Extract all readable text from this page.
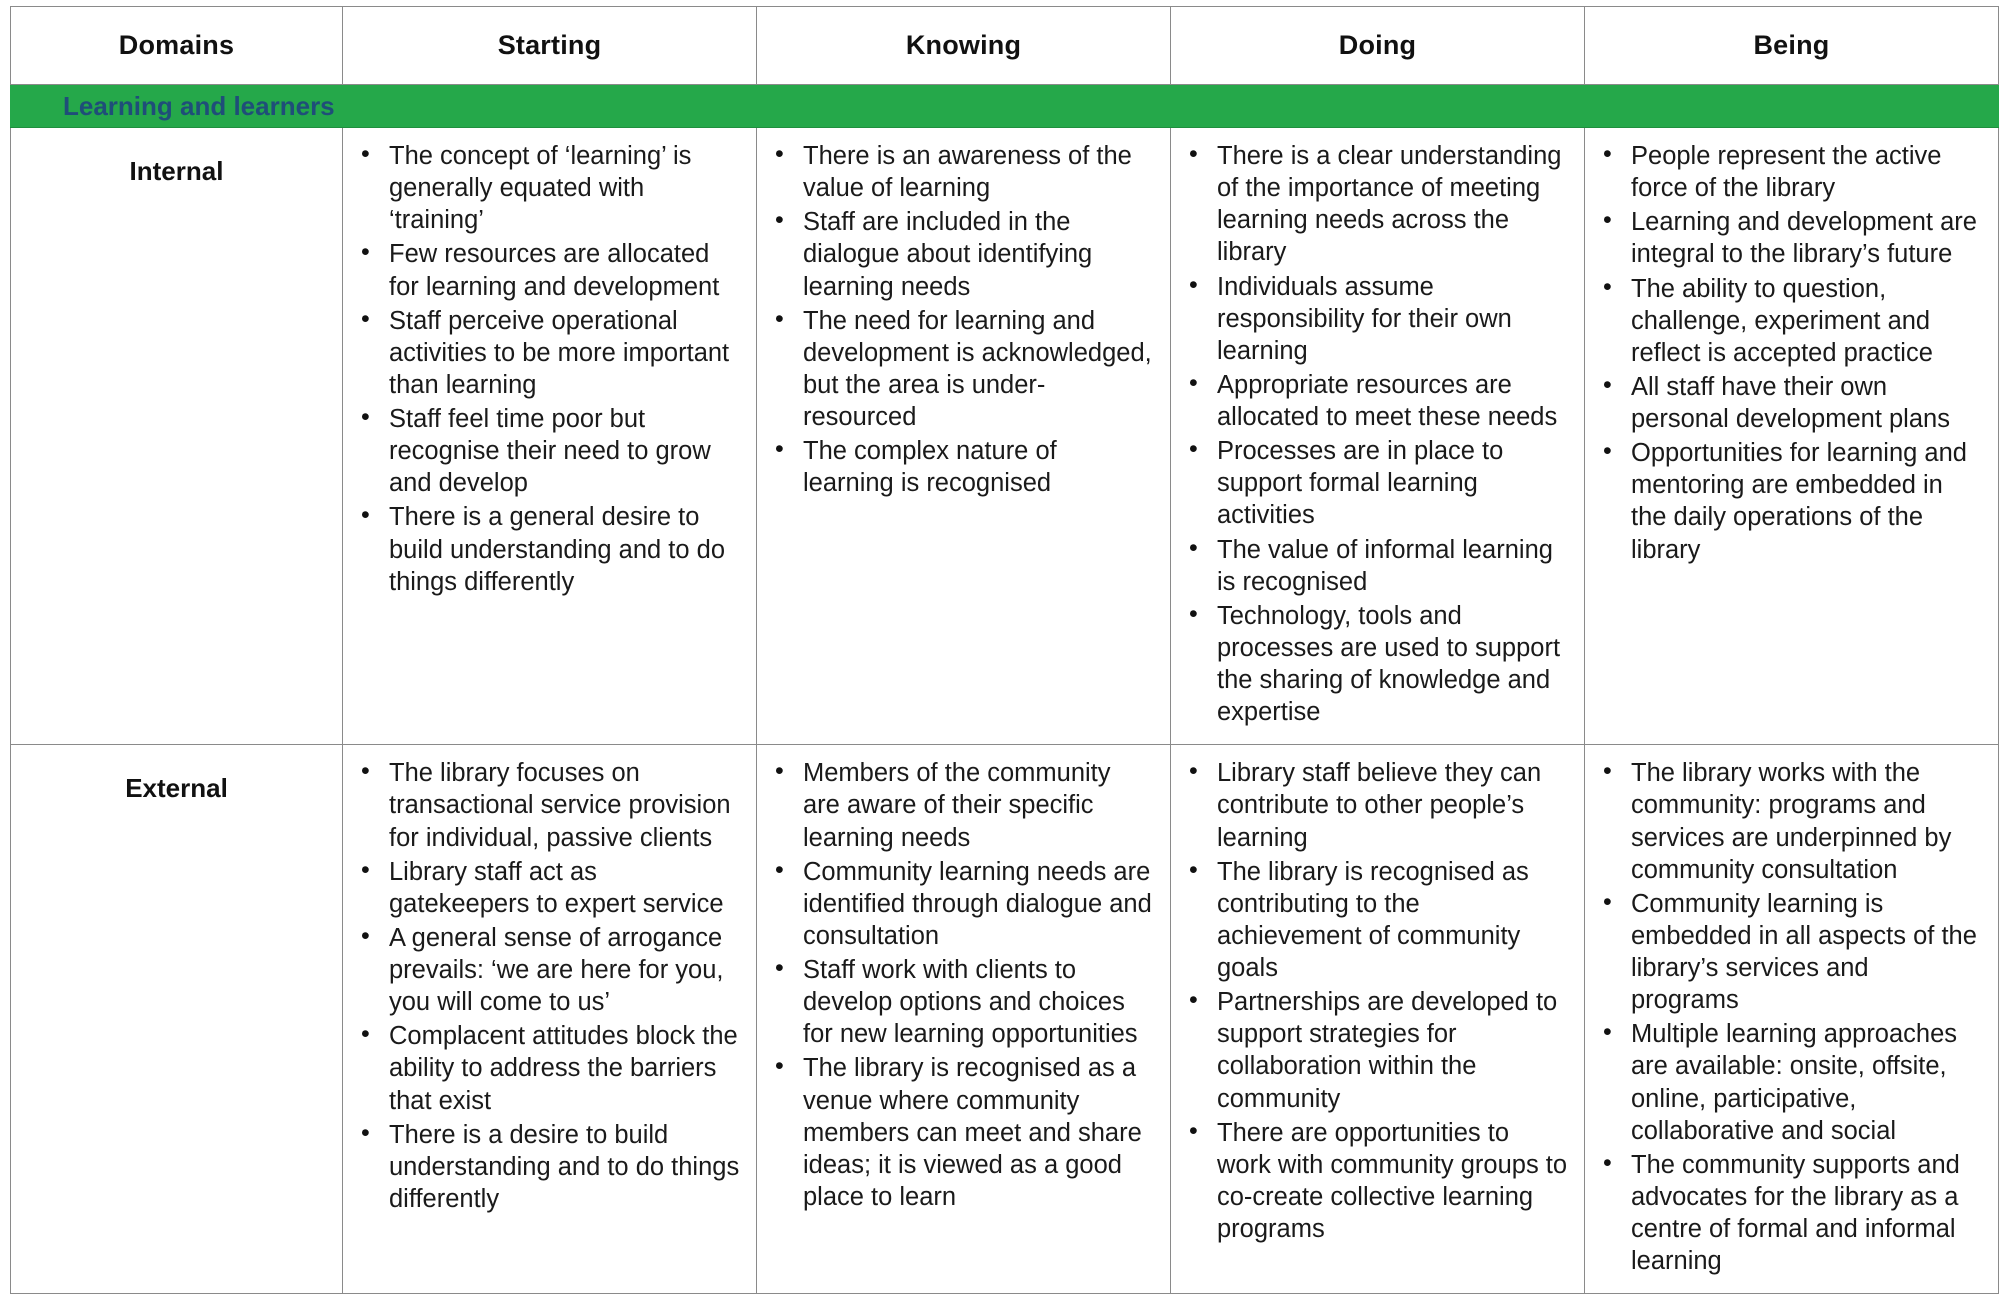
Domains	Starting	Knowing	Doing	Being

Learning and learners				

Internal	
•The concept of ‘learning’ is generally equated with ‘training’
• Few resources are allocated for learning and development
• Staff perceive operational activities to be more important than learning
• Staff feel time poor but recognise their need to grow and develop
• There is a general desire to build understanding and to do things differently

• There is an awareness of the value of learning
• Staff are included in the dialogue about identifying learning needs
• The need for learning and development is acknowledged, but the area is under-resourced
• The complex nature of learning is recognised

• There is a clear understanding of the importance of meeting learning needs across the library
• Individuals assume responsibility for their own learning
• Appropriate resources are allocated to meet these needs
• Processes are in place to support formal learning activities
• The value of informal learning is recognised
• Technology, tools and processes are used to support the sharing of knowledge and expertise

• People represent the active force of the library
• Learning and development are integral to the library’s future
• The ability to question, challenge, experiment and reflect is accepted practice
• All staff have their own personal development plans
• Opportunities for learning and mentoring are embedded in the daily operations of the library

External	
•The library focuses on transactional service provision for individual, passive clients
• Library staff act as gatekeepers to expert service
• A general sense of arrogance prevails: ‘we are here for you, you will come to us’
• Complacent attitudes block the ability to address the barriers that exist
• There is a desire to build understanding and to do things differently

• Members of the community are aware of their specific learning needs
• Community learning needs are identified through dialogue and consultation
• Staff work with clients to develop options and choices for new learning opportunities
• The library is recognised as a venue where community members can meet and share ideas; it is viewed as a good place to learn

• Library staff believe they can contribute to other people’s learning
• The library is recognised as contributing to the achievement of community goals
• Partnerships are developed to support strategies for collaboration within the community
• There are opportunities to work with community groups to co-create collective learning programs

• The library works with the community: programs and services are underpinned by community consultation
• Community learning is embedded in all aspects of the library’s services and programs
• Multiple learning approaches are available: onsite, offsite, online, participative, collaborative and social
• The community supports and advocates for the library as a centre of formal and informal learning
